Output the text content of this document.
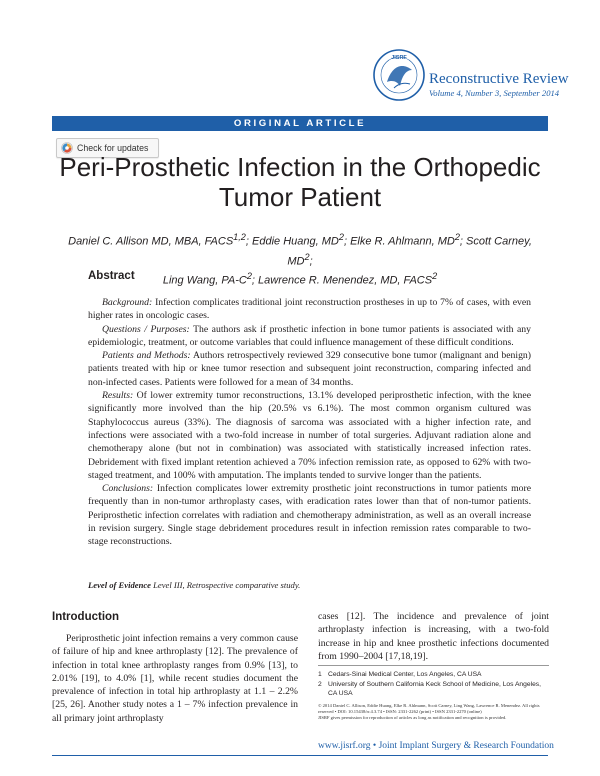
JISRF
Reconstructive Review
Volume 4, Number 3, September 2014
ORIGINAL ARTICLE
Check for updates
Peri-Prosthetic Infection in the Orthopedic
Tumor Patient
Daniel C. Allison MD, MBA, FACS$^{1,2}$; Eddie Huang, $MD^2$; Elke R. Ahlmann, $MD^2$; Scott Carney, $MD^2$;
Ling Wang, $PA-C^2$; Lawrence R. Menendez, MD, FACS$^2$
Abstract

Background: Infection complicates traditional joint reconstruction prostheses in up to 7% of cases, with even higher rates in oncologic cases.

Questions / Purposes: The authors ask if prosthetic infection in bone tumor patients is associated with any epidemiologic, treatment, or outcome variables that could influence management of these difficult conditions.

Patients and Methods: Authors retrospectively reviewed 329 consecutive bone tumor (malignant and benign) patients treated with hip or knee tumor resection and subsequent joint reconstruction, comparing infected and non-infected cases. Patients were followed for a mean of 34 months.

Results: Of lower extremity tumor reconstructions, 13.1% developed periprosthetic infection, with the knee significantly more involved than the hip (20.5% vs 6.1%). The most common organism cultured was Staphylococcus aureus (33%). The diagnosis of sarcoma was associated with a higher infection rate, and infections were associated with a two-fold increase in number of total surgeries. Adjuvant radiation alone and chemotherapy alone (but not in combination) was associated with statistically increased infection rates. Debridement with fixed implant retention achieved a 70% infection remission rate, as opposed to 62% with two-staged treatment, and 100% with amputation. The implants tended to survive longer than the patients.

Conclusions: Infection complicates lower extremity prosthetic joint reconstructions in tumor patients more frequently than in non-tumor arthroplasty cases, with eradication rates lower than that of non-tumor patients. Periprosthetic infection correlates with radiation and chemotherapy administration, as well as an overall increase in revision surgery. Single stage debridement procedures result in infection remission rates comparable to two-stage reconstructions.

Level of Evidence Level III, Retrospective comparative study.
Introduction

Periprosthetic joint infection remains a very common cause of failure of hip and knee arthroplasty [12]. The prevalence of infection in total knee arthroplasty ranges from 0.9% [13], to 2.01% [19], to 4.0% [1], while recent studies document the prevalence of infection in total hip arthroplasty at 1.1 – 2.2% [25, 26]. Another study notes a 1 – 7% infection prevalence in all primary joint arthroplasty

cases [12]. The incidence and prevalence of joint arthroplasty infection is increasing, with a two-fold increase in hip and knee prosthetic infections documented from 1990–2004 [17,18,19].

1 Cedars-Sinai Medical Center, Los Angeles, CA USA
2 University of Southern California Keck School of Medicine, Los Angeles, CA USA
© 2014 Daniel C. Allison, Eddie Huang, Elke R. Ahlmann, Scott Carney, Ling Wang, Lawrence R. Menendez. All rights reserved • DOI: 10.15438/rr.4.3.74 • ISSN: 2331-2262 (print) • ISSN 2331-2270 (online)
JISRF gives permission for reproduction of articles as long as notification and recognition is provided.
www.jisrf.org • Joint Implant Surgery & Research Foundation
